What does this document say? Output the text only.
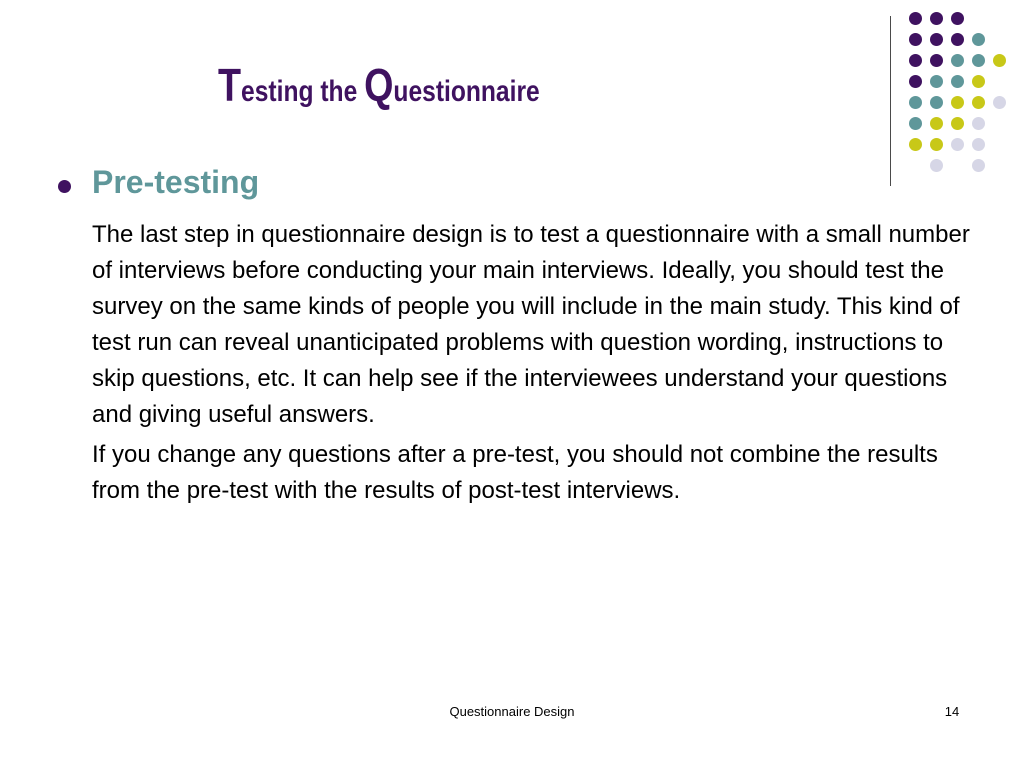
Testing the Questionnaire
Pre-testing

The last step in questionnaire design is to test a questionnaire with a small number of interviews before conducting your main interviews. Ideally, you should test the survey on the same kinds of people you will include in the main study. This kind of test run can reveal unanticipated problems with question wording, instructions to skip questions, etc. It can help see if the interviewees understand your questions and giving useful answers.

If you change any questions after a pre-test, you should not combine the results from the pre-test with the results of post-test interviews.

Questionnaire Design	14
